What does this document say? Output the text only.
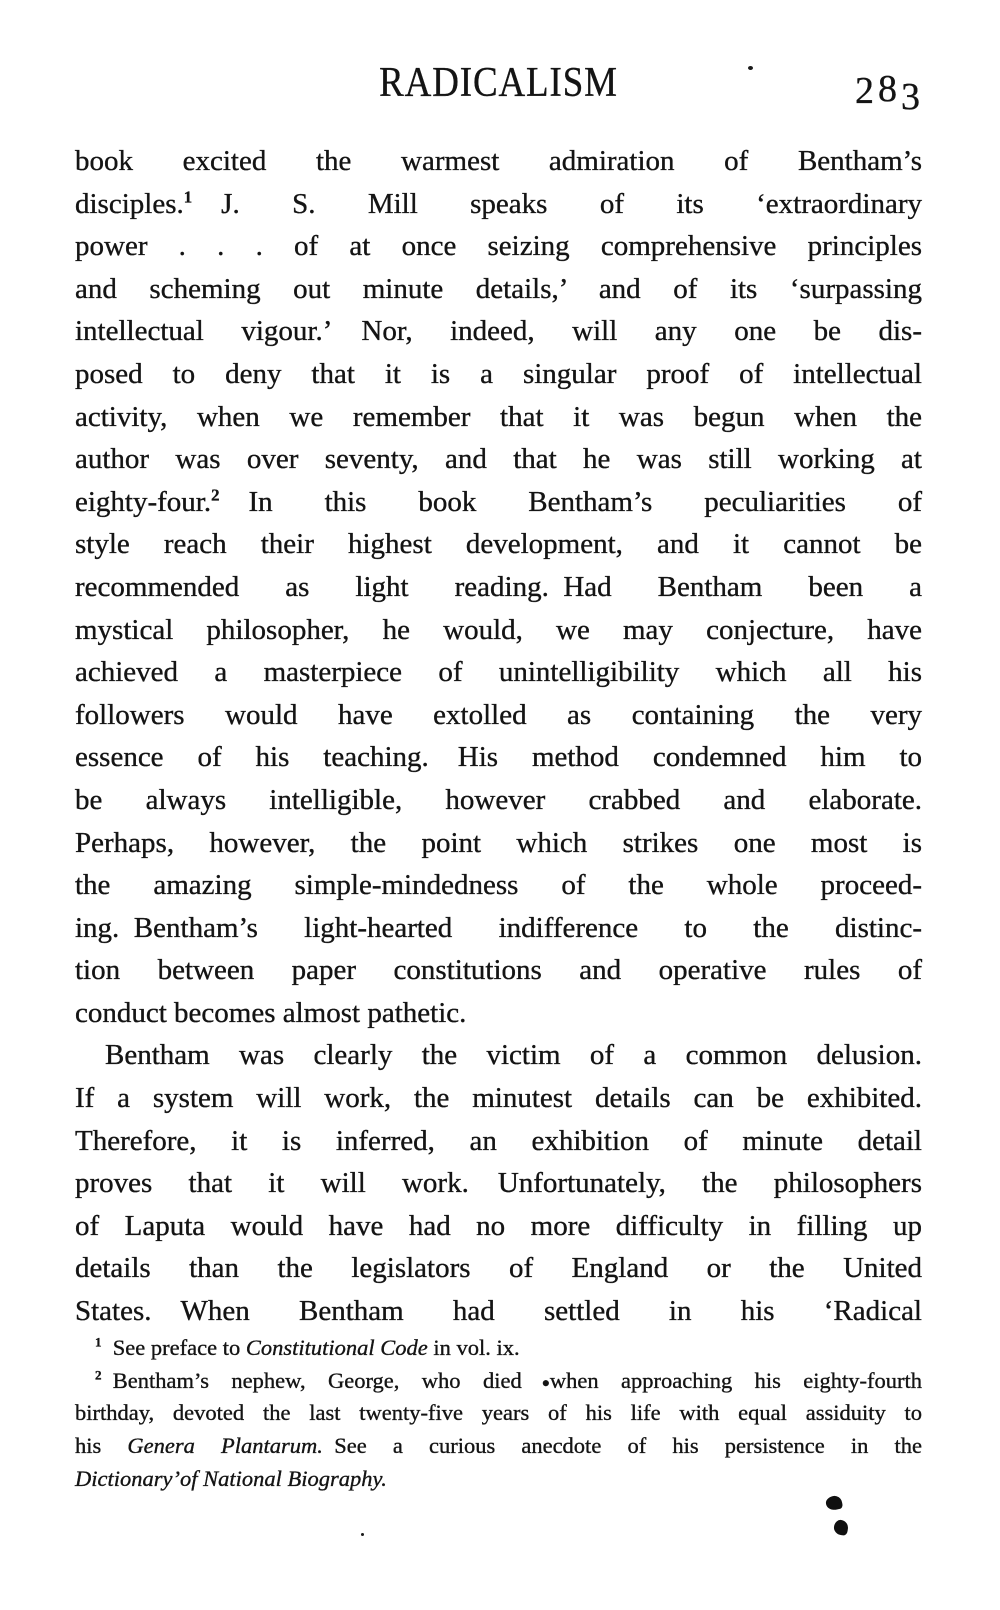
RADICALISM	283
book excited the warmest admiration of Bentham’s
disciples.$^1$ J. S. Mill speaks of its ‘extraordinary
power . . . of at once seizing comprehensive principles
and scheming out minute details,’ and of its ‘surpassing
intellectual vigour.’ Nor, indeed, will any one be dis-
posed to deny that it is a singular proof of intellectual
activity, when we remember that it was begun when the
author was over seventy, and that he was still working at
eighty-four.$^2$ In this book Bentham’s peculiarities of
style reach their highest development, and it cannot be
recommended as light reading. Had Bentham been a
mystical philosopher, he would, we may conjecture, have
achieved a masterpiece of unintelligibility which all his
followers would have extolled as containing the very
essence of his teaching. His method condemned him to
be always intelligible, however crabbed and elaborate.
Perhaps, however, the point which strikes one most is
the amazing simple-mindedness of the whole proceed-
ing. Bentham’s light-hearted indifference to the distinc-
tion between paper constitutions and operative rules of
conduct becomes almost pathetic.
Bentham was clearly the victim of a common delusion.
If a system will work, the minutest details can be exhibited.
Therefore, it is inferred, an exhibition of minute detail
proves that it will work. Unfortunately, the philosophers
of Laputa would have had no more difficulty in filling up
details than the legislators of England or the United
States. When Bentham had settled in his ‘Radical
$^1$ See preface to Constitutional Code in vol. ix.
$^2$ Bentham’s nephew, George, who died ●when approaching his eighty-fourth
birthday, devoted the last twenty-five years of his life with equal assiduity to
his Genera Plantarum. See a curious anecdote of his persistence in the
Dictionary’of National Biography.
